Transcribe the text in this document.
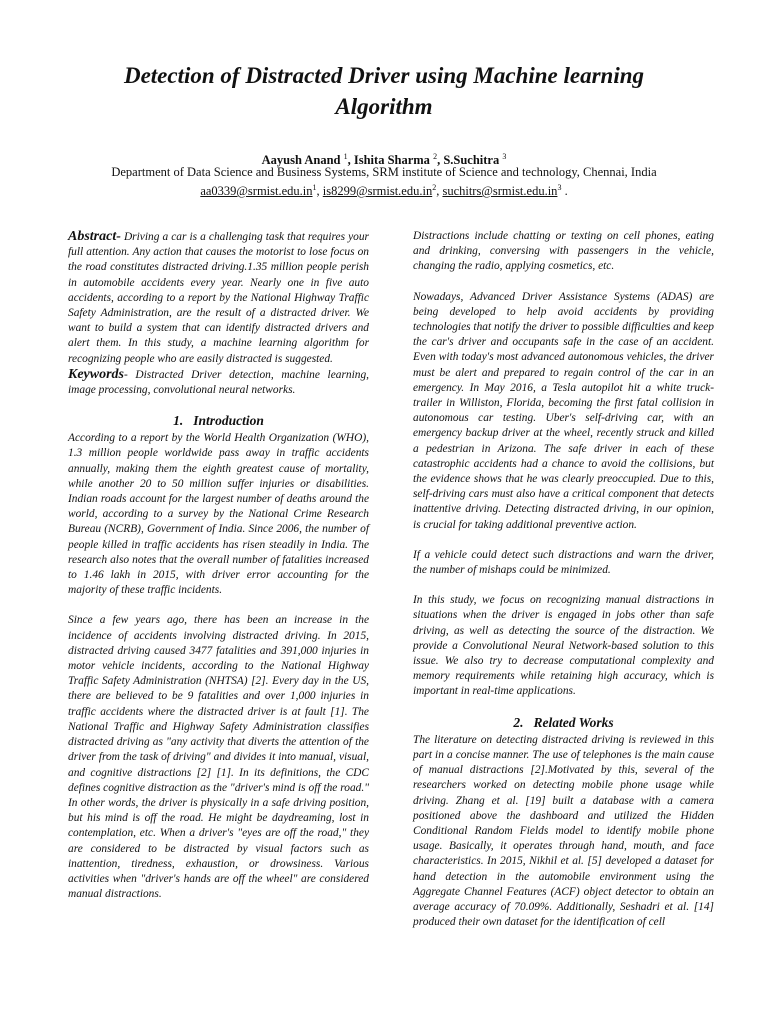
Detection of Distracted Driver using Machine learning Algorithm
Aayush Anand $^1$, Ishita Sharma $^2$, S.Suchitra $^3$
Department of Data Science and Business Systems, SRM institute of Science and technology, Chennai, India
$aa0339@srmist.edu.in^1$, $is8299@srmist.edu.in^2$, $suchitrs@srmist.edu.in^3$ .

Abstract- Driving a car is a challenging task that requires your full attention. Any action that causes the motorist to lose focus on the road constitutes distracted driving.1.35 million people perish in automobile accidents every year. Nearly one in five auto accidents, according to a report by the National Highway Traffic Safety Administration, are the result of a distracted driver. We want to build a system that can identify distracted drivers and alert them. In this study, a machine learning algorithm for recognizing people who are easily distracted is suggested.

Keywords- Distracted Driver detection, machine learning, image processing, convolutional neural networks.

1. Introduction

According to a report by the World Health Organization (WHO), 1.3 million people worldwide pass away in traffic accidents annually, making them the eighth greatest cause of mortality, while another 20 to 50 million suffer injuries or disabilities. Indian roads account for the largest number of deaths around the world, according to a survey by the National Crime Research Bureau (NCRB), Government of India. Since 2006, the number of people killed in traffic accidents has risen steadily in India. The research also notes that the overall number of fatalities increased to 1.46 lakh in 2015, with driver error accounting for the majority of these traffic incidents.

Since a few years ago, there has been an increase in the incidence of accidents involving distracted driving. In 2015, distracted driving caused 3477 fatalities and 391,000 injuries in motor vehicle incidents, according to the National Highway Traffic Safety Administration (NHTSA) [2]. Every day in the US, there are believed to be 9 fatalities and over 1,000 injuries in traffic accidents where the distracted driver is at fault [1]. The National Traffic and Highway Safety Administration classifies distracted driving as "any activity that diverts the attention of the driver from the task of driving" and divides it into manual, visual, and cognitive distractions [2] [1]. In its definitions, the CDC defines cognitive distraction as the "driver's mind is off the road." In other words, the driver is physically in a safe driving position, but his mind is off the road. He might be daydreaming, lost in contemplation, etc. When a driver's "eyes are off the road," they are considered to be distracted by visual factors such as inattention, tiredness, exhaustion, or drowsiness. Various activities when "driver's hands are off the wheel" are considered manual distractions.

Distractions include chatting or texting on cell phones, eating and drinking, conversing with passengers in the vehicle, changing the radio, applying cosmetics, etc.

Nowadays, Advanced Driver Assistance Systems (ADAS) are being developed to help avoid accidents by providing technologies that notify the driver to possible difficulties and keep the car's driver and occupants safe in the case of an accident. Even with today's most advanced autonomous vehicles, the driver must be alert and prepared to regain control of the car in an emergency. In May 2016, a Tesla autopilot hit a white truck-trailer in Williston, Florida, becoming the first fatal collision in autonomous car testing. Uber's self-driving car, with an emergency backup driver at the wheel, recently struck and killed a pedestrian in Arizona. The safe driver in each of these catastrophic accidents had a chance to avoid the collisions, but the evidence shows that he was clearly preoccupied. Due to this, self-driving cars must also have a critical component that detects inattentive driving. Detecting distracted driving, in our opinion, is crucial for taking additional preventive action.

If a vehicle could detect such distractions and warn the driver, the number of mishaps could be minimized.

In this study, we focus on recognizing manual distractions in situations when the driver is engaged in jobs other than safe driving, as well as detecting the source of the distraction. We provide a Convolutional Neural Network-based solution to this issue. We also try to decrease computational complexity and memory requirements while retaining high accuracy, which is important in real-time applications.

2. Related Works

The literature on detecting distracted driving is reviewed in this part in a concise manner. The use of telephones is the main cause of manual distractions [2].Motivated by this, several of the researchers worked on detecting mobile phone usage while driving. Zhang et al. [19] built a database with a camera positioned above the dashboard and utilized the Hidden Conditional Random Fields model to identify mobile phone usage. Basically, it operates through hand, mouth, and face characteristics. In 2015, Nikhil et al. [5] developed a dataset for hand detection in the automobile environment using the Aggregate Channel Features (ACF) object detector to obtain an average accuracy of 70.09%. Additionally, Seshadri et al. [14] produced their own dataset for the identification of cell
